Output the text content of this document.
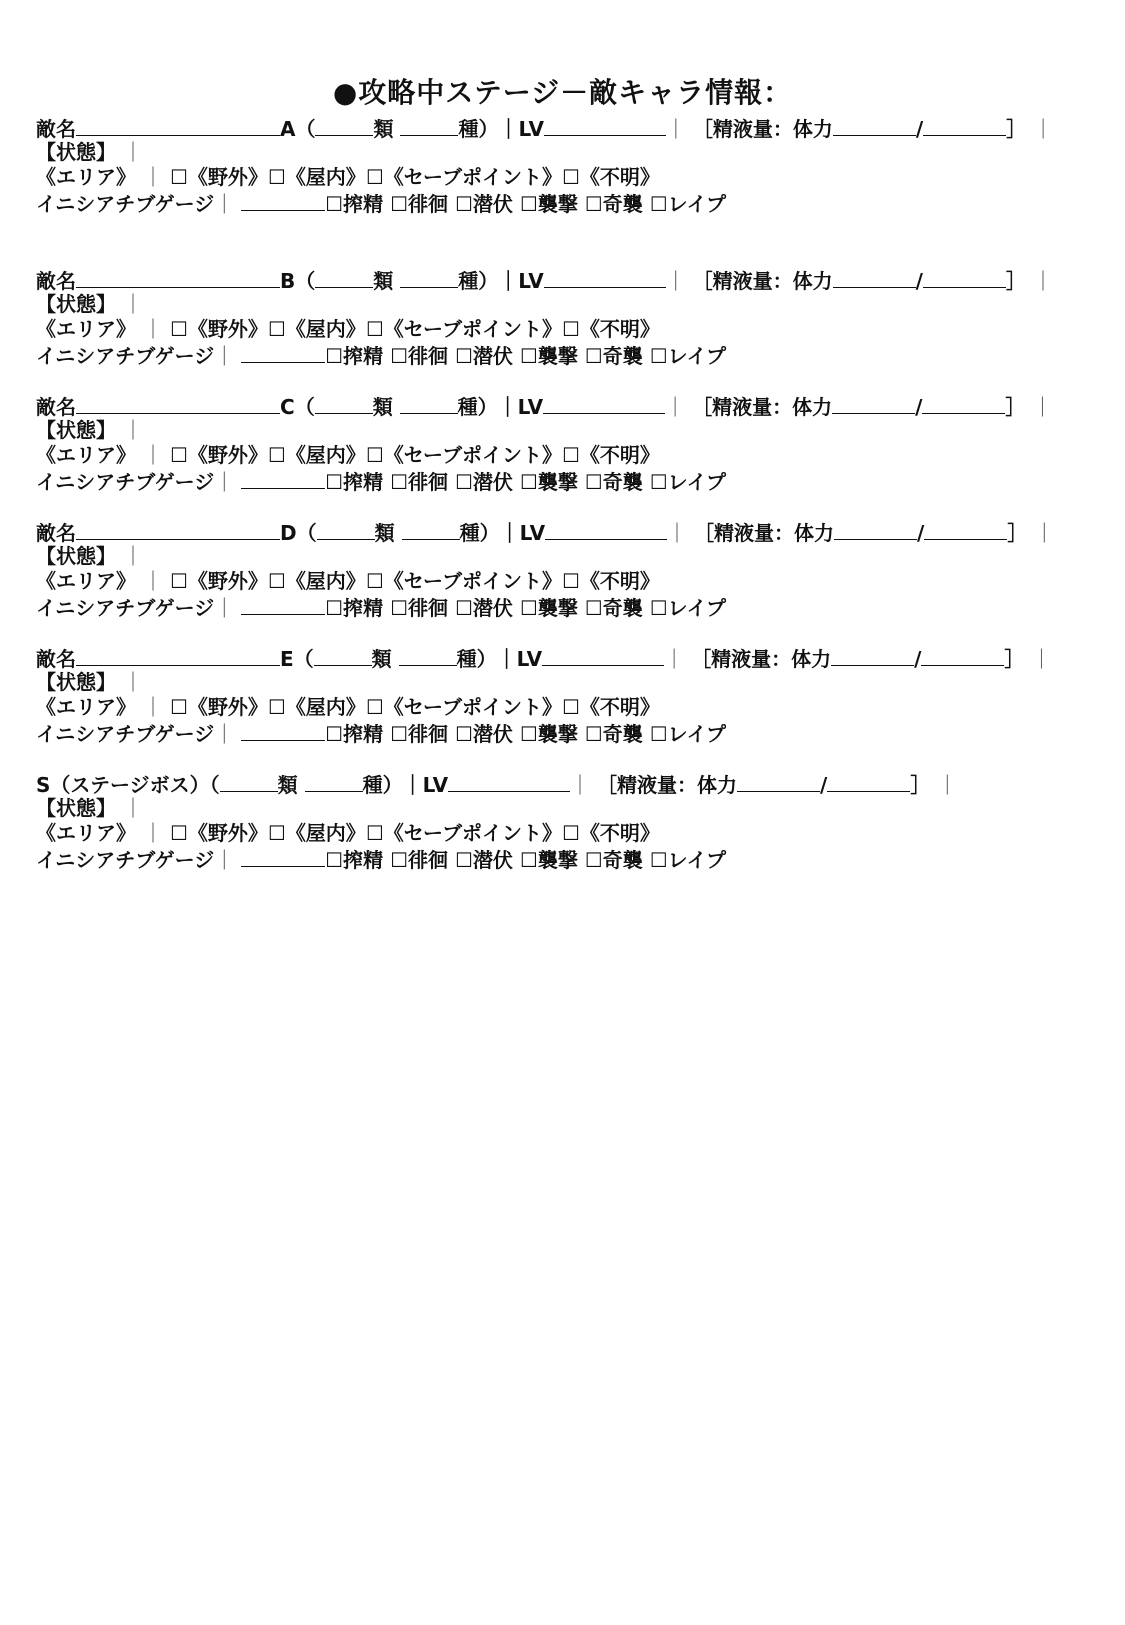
●攻略中ステージ－敵キャラ情報：
敵名	A（	類	種）｜LV	｜ ［精液量：体力	/	］ ｜
【状態】 ｜
《エリア》 ｜ ☐《野外》☐《屋内》☐《セーブポイント》☐《不明》
イニシアチブゲージ｜	☐搾精 ☐徘徊 ☐潜伏 ☐襲撃 ☐奇襲 ☐レイプ
敵名	B（	類	種）｜LV	｜ ［精液量：体力	/	］ ｜
【状態】 ｜
《エリア》 ｜ ☐《野外》☐《屋内》☐《セーブポイント》☐《不明》
イニシアチブゲージ｜	☐搾精 ☐徘徊 ☐潜伏 ☐襲撃 ☐奇襲 ☐レイプ
敵名	C（	類	種）｜LV	｜ ［精液量：体力	/	］ ｜
【状態】 ｜
《エリア》 ｜ ☐《野外》☐《屋内》☐《セーブポイント》☐《不明》
イニシアチブゲージ｜	☐搾精 ☐徘徊 ☐潜伏 ☐襲撃 ☐奇襲 ☐レイプ
敵名	D（	類	種）｜LV	｜ ［精液量：体力	/	］ ｜
【状態】 ｜
《エリア》 ｜ ☐《野外》☐《屋内》☐《セーブポイント》☐《不明》
イニシアチブゲージ｜	☐搾精 ☐徘徊 ☐潜伏 ☐襲撃 ☐奇襲 ☐レイプ
敵名	E（	類	種）｜LV	｜ ［精液量：体力	/	］ ｜
【状態】 ｜
《エリア》 ｜ ☐《野外》☐《屋内》☐《セーブポイント》☐《不明》
イニシアチブゲージ｜	☐搾精 ☐徘徊 ☐潜伏 ☐襲撃 ☐奇襲 ☐レイプ
S（ステージボス）（	類	種）｜LV	｜ ［精液量：体力	/	］ ｜
【状態】 ｜
《エリア》 ｜ ☐《野外》☐《屋内》☐《セーブポイント》☐《不明》
イニシアチブゲージ｜	☐搾精 ☐徘徊 ☐潜伏 ☐襲撃 ☐奇襲 ☐レイプ
